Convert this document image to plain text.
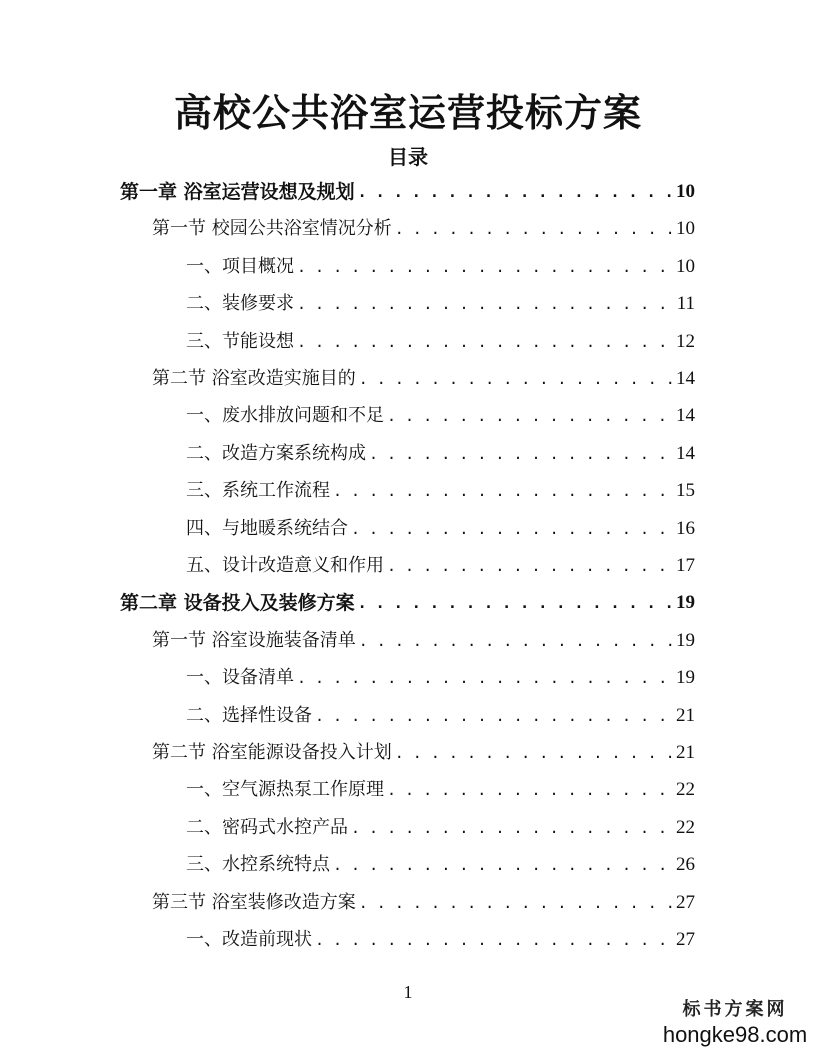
高校公共浴室运营投标方案
目录
第一章 浴室运营设想及规划 . . .	10
第一节 校园公共浴室情况分析 . . .	10
一、项目概况 . . .	10
二、装修要求 . . .	11
三、节能设想 . . .	12
第二节 浴室改造实施目的 . . .	14
一、废水排放问题和不足 . . .	14
二、改造方案系统构成 . . .	14
三、系统工作流程 . . .	15
四、与地暖系统结合 . . .	16
五、设计改造意义和作用 . . .	17
第二章 设备投入及装修方案 . . .	19
第一节 浴室设施装备清单 . . .	19
一、设备清单 . . .	19
二、选择性设备 . . .	21
第二节 浴室能源设备投入计划 . . .	21
一、空气源热泵工作原理 . . .	22
二、密码式水控产品 . . .	22
三、水控系统特点 . . .	26
第三节 浴室装修改造方案 . . .	27
一、改造前现状 . . .	27
1
标书方案网
hongke98.com
